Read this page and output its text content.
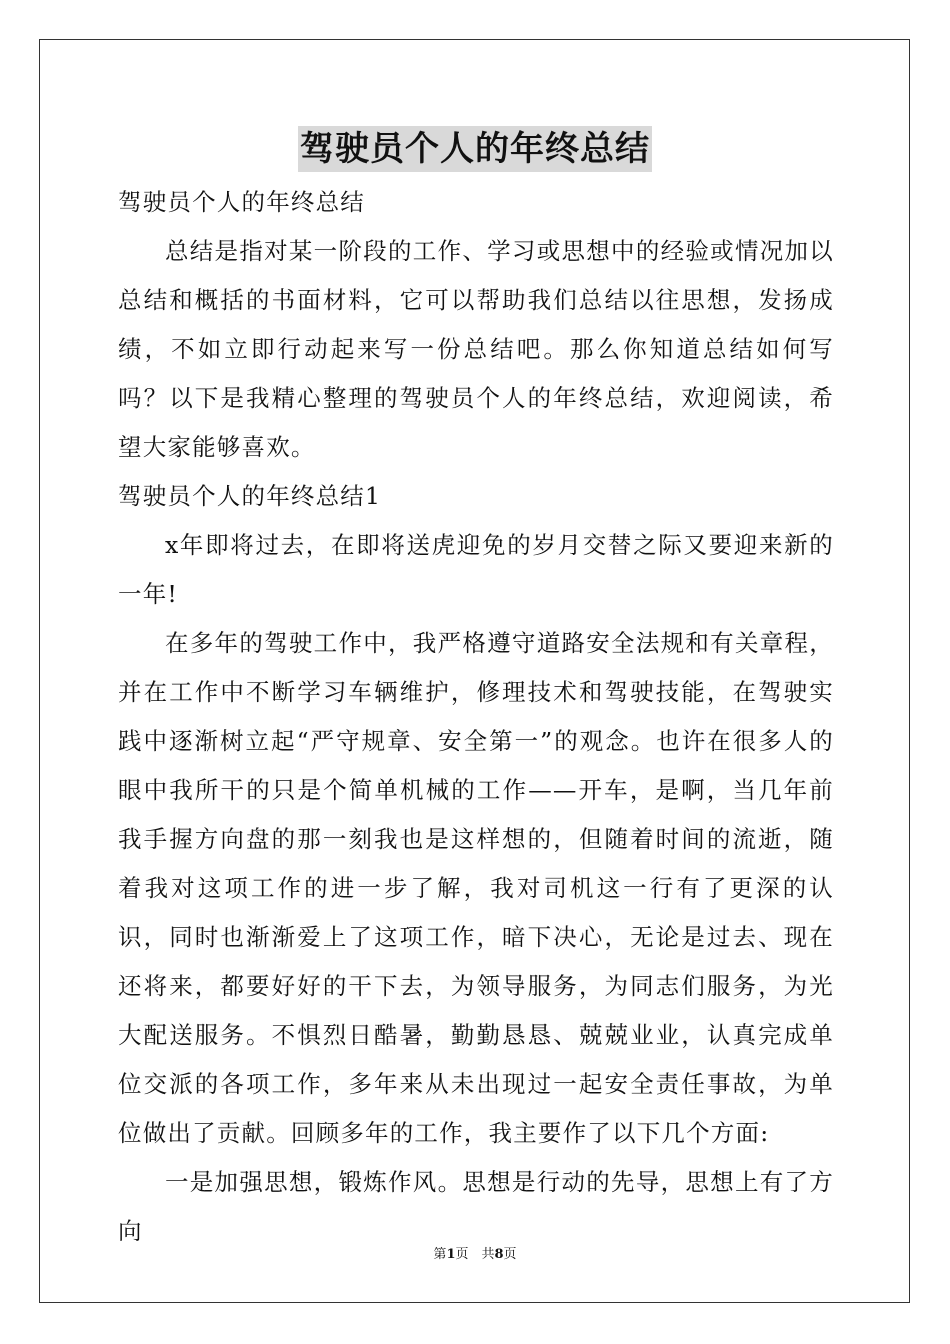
驾驶员个人的年终总结

驾驶员个人的年终总结

总结是指对某一阶段的工作、学习或思想中的经验或情况加以总结和概括的书面材料，它可以帮助我们总结以往思想，发扬成绩，不如立即行动起来写一份总结吧。那么你知道总结如何写吗？以下是我精心整理的驾驶员个人的年终总结，欢迎阅读，希望大家能够喜欢。

驾驶员个人的年终总结1

x年即将过去，在即将送虎迎免的岁月交替之际又要迎来新的一年!

在多年的驾驶工作中，我严格遵守道路安全法规和有关章程，并在工作中不断学习车辆维护，修理技术和驾驶技能，在驾驶实践中逐渐树立起“严守规章、安全第一”的观念。也许在很多人的眼中我所干的只是个简单机械的工作——开车，是啊，当几年前我手握方向盘的那一刻我也是这样想的，但随着时间的流逝，随着我对这项工作的进一步了解，我对司机这一行有了更深的认识，同时也渐渐爱上了这项工作，暗下决心，无论是过去、现在还将来，都要好好的干下去，为领导服务，为同志们服务，为光大配送服务。不惧烈日酷暑，勤勤恳恳、兢兢业业，认真完成单位交派的各项工作，多年来从未出现过一起安全责任事故，为单位做出了贡献。回顾多年的工作，我主要作了以下几个方面:

一是加强思想，锻炼作风。思想是行动的先导，思想上有了方向

第1页　共8页
